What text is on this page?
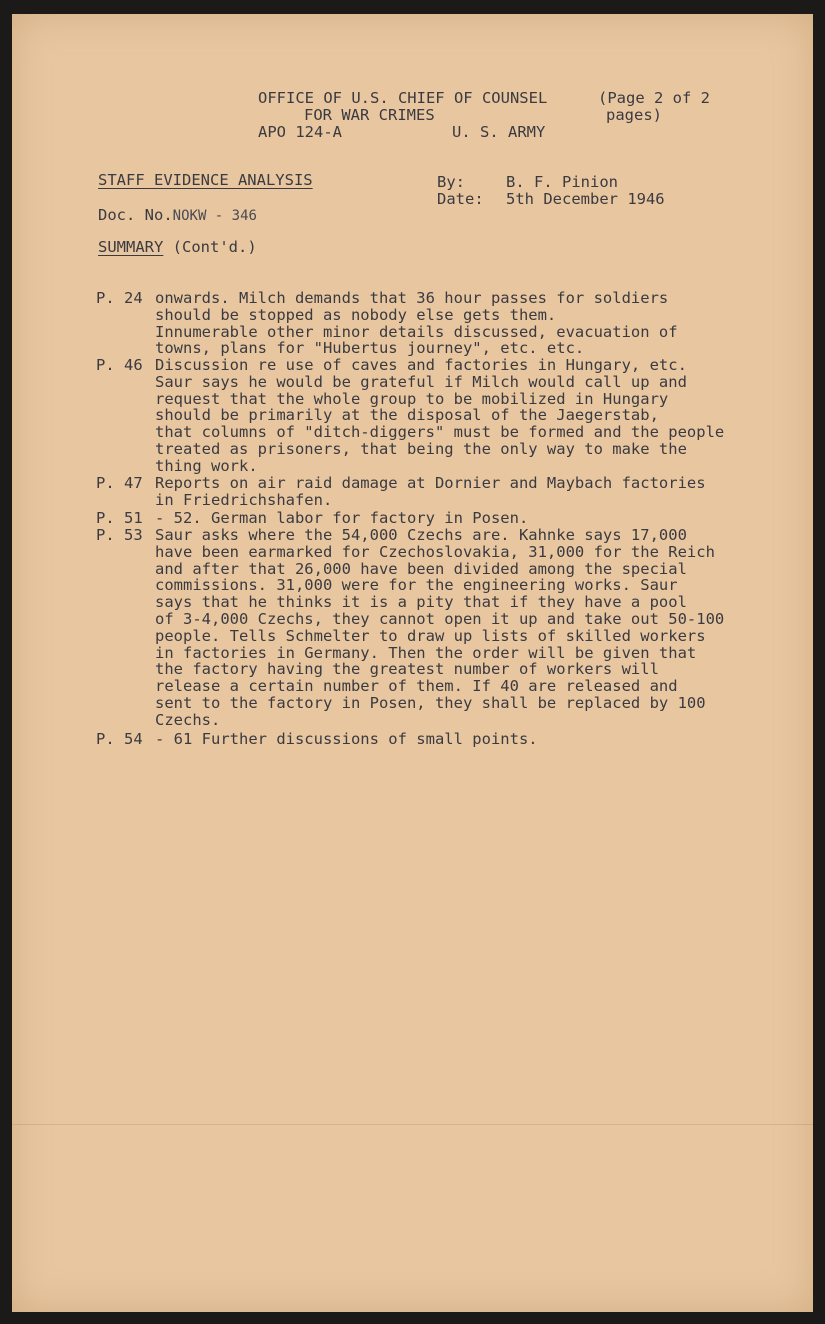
OFFICE OF U.S. CHIEF OF COUNSEL
FOR WAR CRIMES
APO 124-A	U. S. ARMY
(Page 2 of 2
pages)
STAFF EVIDENCE ANALYSIS	By:	B. F. Pinion
Date: 5th December 1946
Doc. No.NOKW - 346
SUMMARY (Cont'd.)
P. 24 onwards. Milch demands that 36 hour passes for soldiers
should be stopped as nobody else gets them.
Innumerable other minor details discussed, evacuation of
towns, plans for "Hubertus journey", etc. etc.
P. 46 Discussion re use of caves and factories in Hungary, etc.
Saur says he would be grateful if Milch would call up and
request that the whole group to be mobilized in Hungary
should be primarily at the disposal of the Jaegerstab,
that columns of "ditch-diggers" must be formed and the people
treated as prisoners, that being the only way to make the
thing work.
P. 47 Reports on air raid damage at Dornier and Maybach factories
in Friedrichshafen.
P. 51 - 52. German labor for factory in Posen.
P. 53 Saur asks where the 54,000 Czechs are. Kahnke says 17,000
have been earmarked for Czechoslovakia, 31,000 for the Reich
and after that 26,000 have been divided among the special
commissions. 31,000 were for the engineering works. Saur
says that he thinks it is a pity that if they have a pool
of 3-4,000 Czechs, they cannot open it up and take out 50-100
people. Tells Schmelter to draw up lists of skilled workers
in factories in Germany. Then the order will be given that
the factory having the greatest number of workers will
release a certain number of them. If 40 are released and
sent to the factory in Posen, they shall be replaced by 100
Czechs.
P. 54 - 61 Further discussions of small points.
